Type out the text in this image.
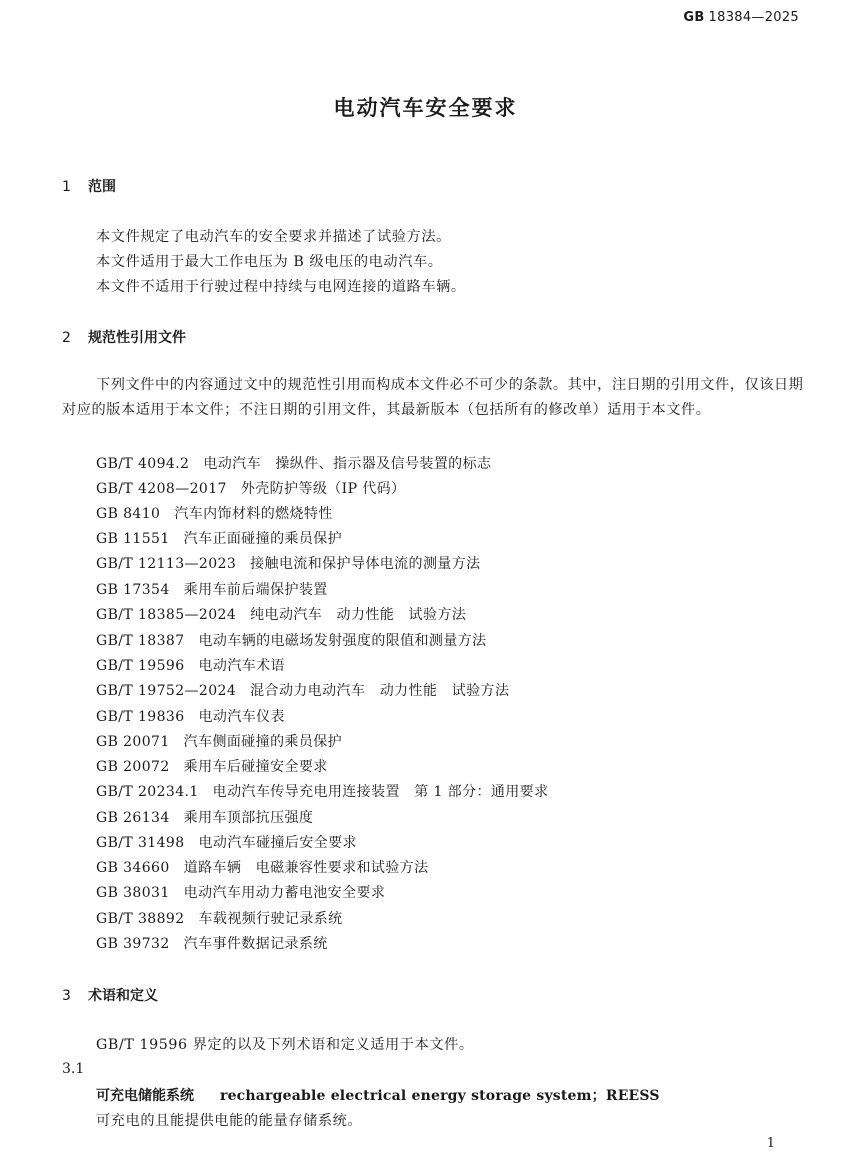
GB 18384—2025
电动汽车安全要求
1 范围
本文件规定了电动汽车的安全要求并描述了试验方法。
本文件适用于最大工作电压为 B 级电压的电动汽车。
本文件不适用于行驶过程中持续与电网连接的道路车辆。
2 规范性引用文件
下列文件中的内容通过文中的规范性引用而构成本文件必不可少的条款。其中，注日期的引用文件，仅该日期对应的版本适用于本文件；不注日期的引用文件，其最新版本（包括所有的修改单）适用于本文件。
GB/T 4094.2 电动汽车　操纵件、指示器及信号装置的标志
GB/T 4208—2017 外壳防护等级（IP 代码）
GB 8410 汽车内饰材料的燃烧特性
GB 11551 汽车正面碰撞的乘员保护
GB/T 12113—2023 接触电流和保护导体电流的测量方法
GB 17354 乘用车前后端保护装置
GB/T 18385—2024 纯电动汽车　动力性能　试验方法
GB/T 18387 电动车辆的电磁场发射强度的限值和测量方法
GB/T 19596 电动汽车术语
GB/T 19752—2024 混合动力电动汽车　动力性能　试验方法
GB/T 19836 电动汽车仪表
GB 20071 汽车侧面碰撞的乘员保护
GB 20072 乘用车后碰撞安全要求
GB/T 20234.1 电动汽车传导充电用连接装置　第 1 部分：通用要求
GB 26134 乘用车顶部抗压强度
GB/T 31498 电动汽车碰撞后安全要求
GB 34660 道路车辆　电磁兼容性要求和试验方法
GB 38031 电动汽车用动力蓄电池安全要求
GB/T 38892 车载视频行驶记录系统
GB 39732 汽车事件数据记录系统
3 术语和定义
GB/T 19596 界定的以及下列术语和定义适用于本文件。
3.1
可充电储能系统 rechargeable electrical energy storage system；REESS
可充电的且能提供电能的能量存储系统。
1
